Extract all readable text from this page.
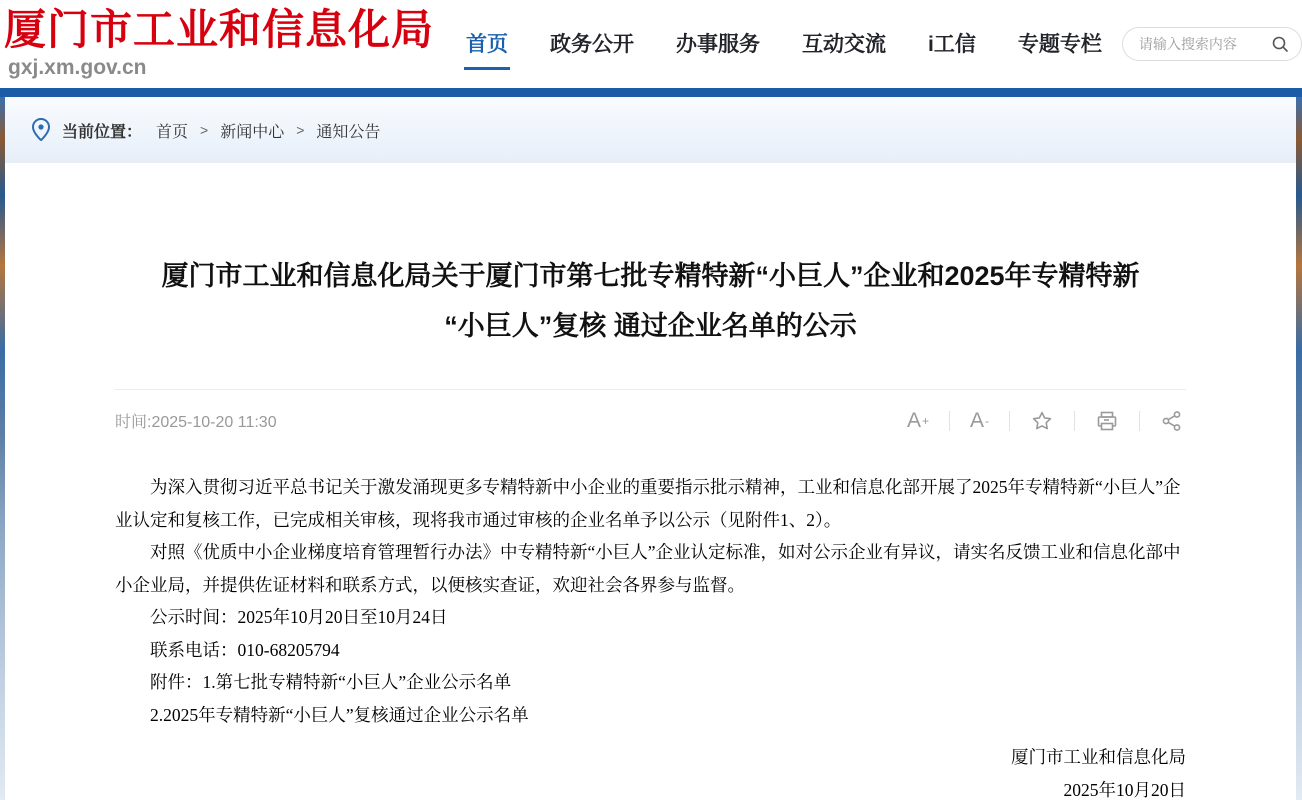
厦门市工业和信息化局
gxj.xm.gov.cn
首页 政务公开 办事服务 互动交流 i工信 专题专栏
请输入搜索内容
当前位置： 首页 > 新闻中心 > 通知公告
厦门市工业和信息化局关于厦门市第七批专精特新“小巨人”企业和2025年专精特新
“小巨人”复核 通过企业名单的公示
时间:2025-10-20 11:30	A + A -

为深入贯彻习近平总书记关于激发涌现更多专精特新中小企业的重要指示批示精神，工业和信息化部开展了2025年专精特新“小巨人”企业认定和复核工作，已完成相关审核，现将我市通过审核的企业名单予以公示（见附件1、2）。

对照《优质中小企业梯度培育管理暂行办法》中专精特新“小巨人”企业认定标准，如对公示企业有异议，请实名反馈工业和信息化部中小企业局，并提供佐证材料和联系方式，以便核实查证，欢迎社会各界参与监督。

公示时间：2025年10月20日至10月24日

联系电话：010-68205794

附件：1.第七批专精特新“小巨人”企业公示名单

2.2025年专精特新“小巨人”复核通过企业公示名单

厦门市工业和信息化局
2025年10月20日
